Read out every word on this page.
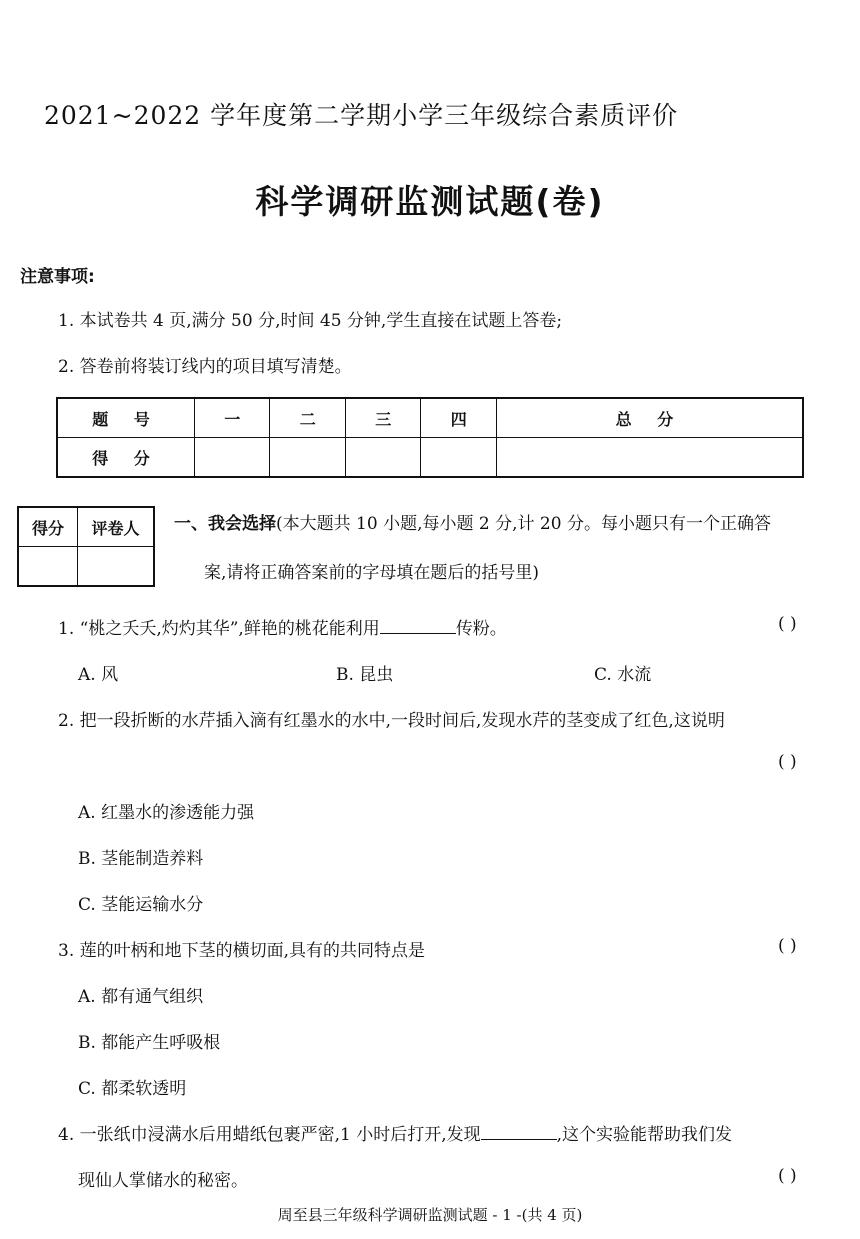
2021~2022 学年度第二学期小学三年级综合素质评价
科学调研监测试题(卷)
注意事项:
1. 本试卷共 4 页,满分 50 分,时间 45 分钟,学生直接在试题上答卷;
2. 答卷前将装订线内的项目填写清楚。
题 号	一	二	三	四	总 分
得 分					
得分	评卷人
	一、我会选择(本大题共 10 小题,每小题 2 分,计 20 分。每小题只有一个正确答
案,请将正确答案前的字母填在题后的括号里)
1. “桃之夭夭,灼灼其华”,鲜艳的桃花能利用	传粉。	( )
A. 风	B. 昆虫	C. 水流
2. 把一段折断的水芹插入滴有红墨水的水中,一段时间后,发现水芹的茎变成了红色,这说明
( )
A. 红墨水的渗透能力强
B. 茎能制造养料
C. 茎能运输水分
3. 莲的叶柄和地下茎的横切面,具有的共同特点是	( )
A. 都有通气组织
B. 都能产生呼吸根
C. 都柔软透明
4. 一张纸巾浸满水后用蜡纸包裹严密,1 小时后打开,发现	,这个实验能帮助我们发
现仙人掌储水的秘密。	( )
周至县三年级科学调研监测试题 - 1 -(共 4 页)
